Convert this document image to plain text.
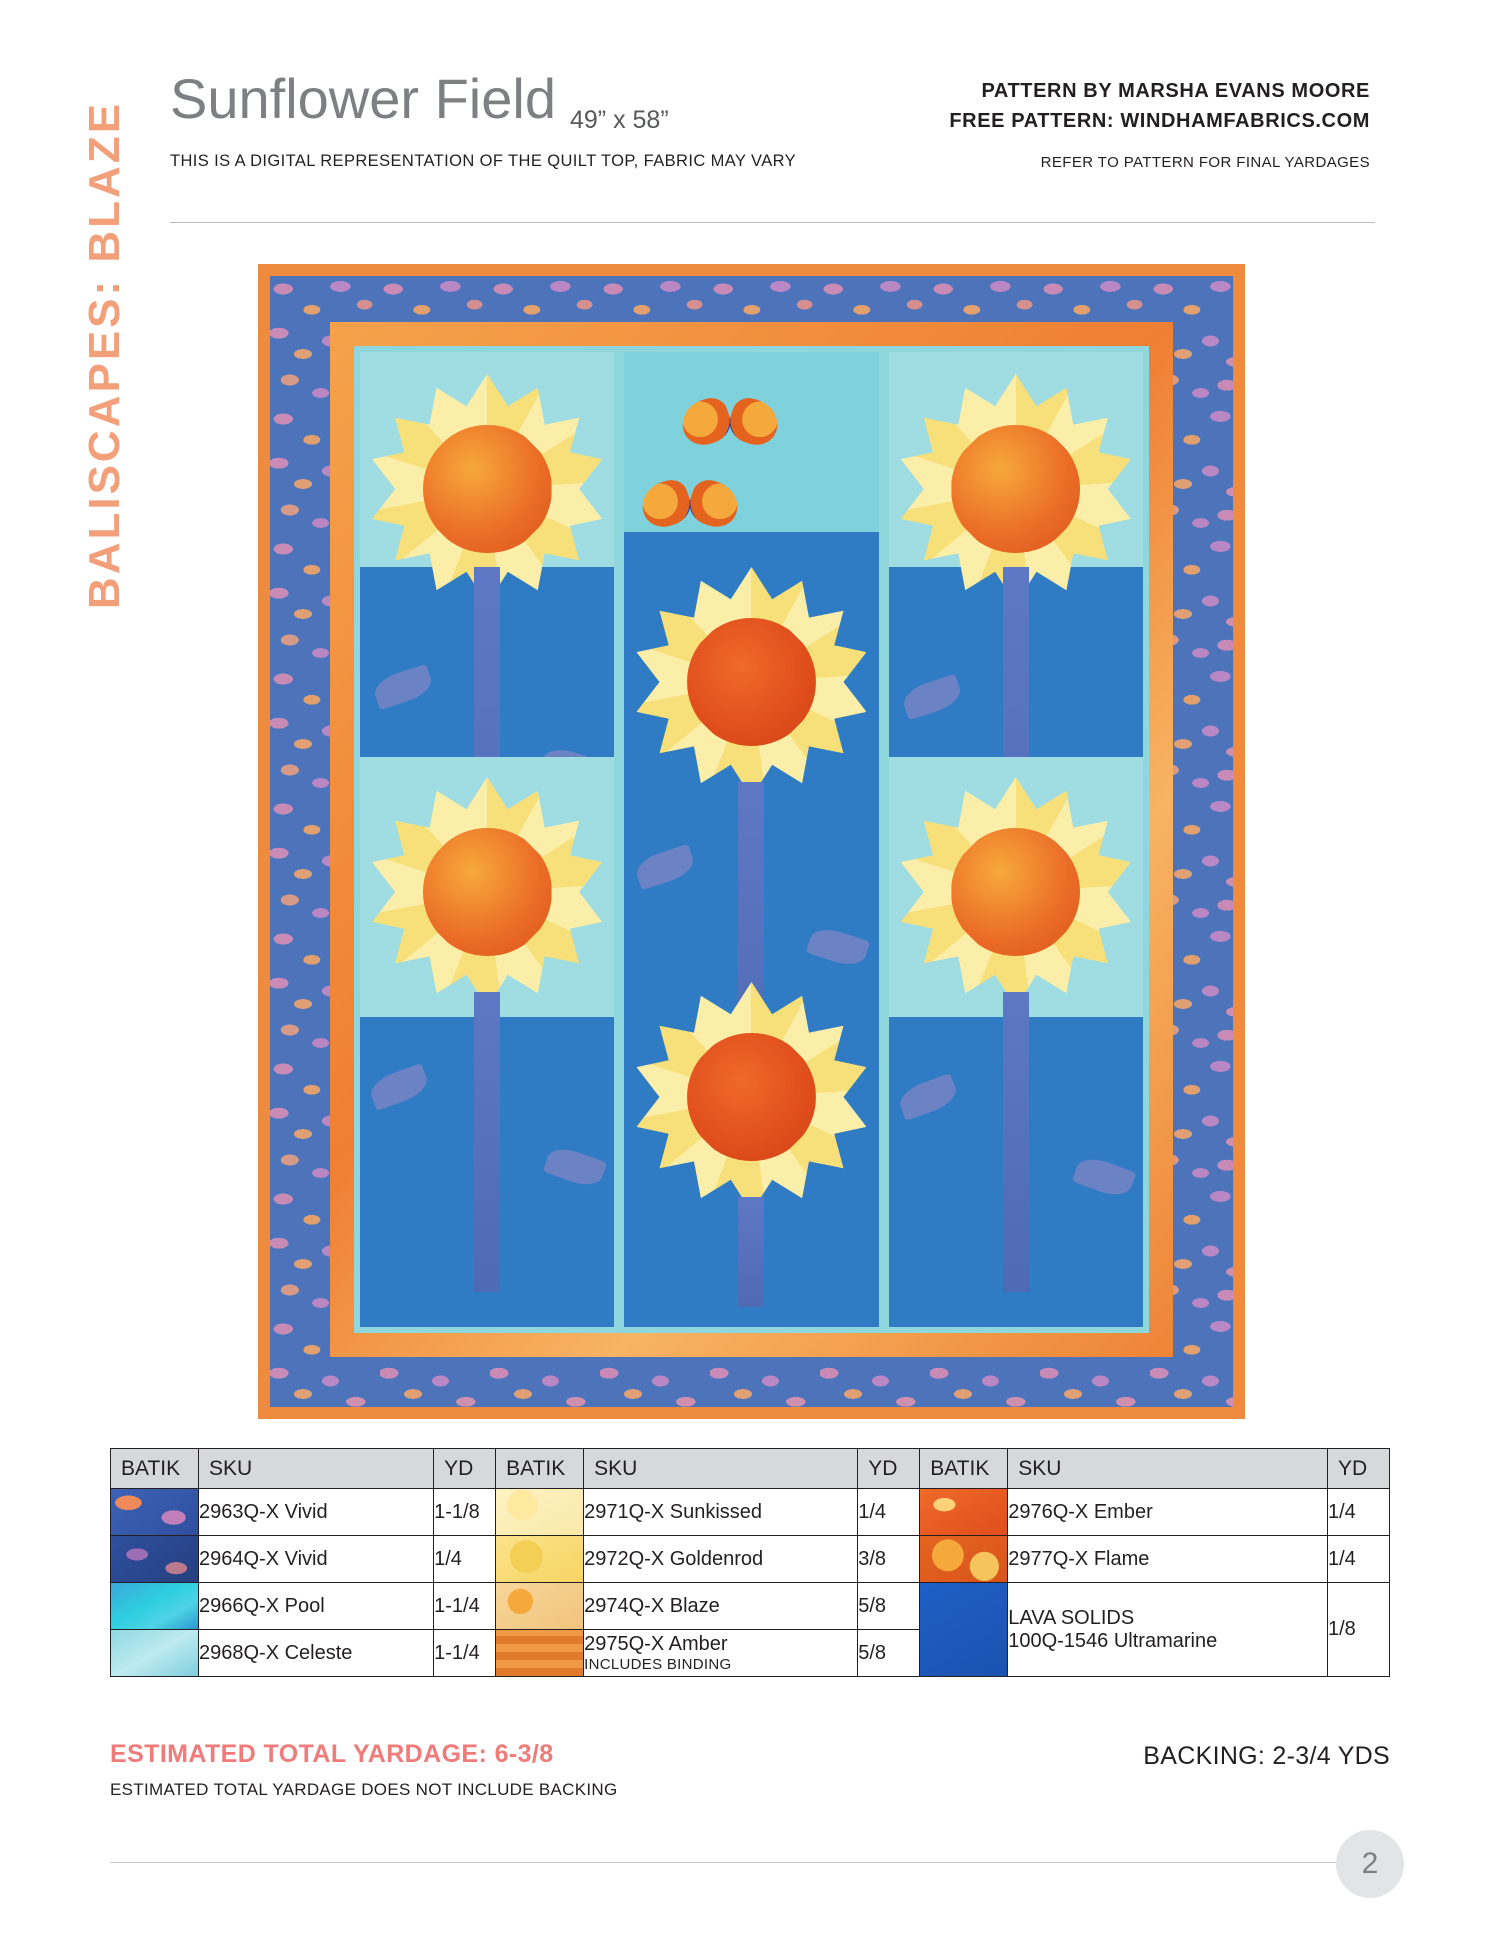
BALISCAPES: BLAZE
Sunflower Field 49” x 58”
PATTERN BY MARSHA EVANS MOORE
FREE PATTERN: WINDHAMFABRICS.COM
THIS IS A DIGITAL REPRESENTATION OF THE QUILT TOP, FABRIC MAY VARY	REFER TO PATTERN FOR FINAL YARDAGES
BATIK	SKU	YD	BATIK	SKU	YD	BATIK	SKU	YD

	2963Q-X Vivid	1-1/8		2971Q-X Sunkissed	1/4		2976Q-X Ember	1/4

	2964Q-X Vivid	1/4		2972Q-X Goldenrod	3/8		2977Q-X Flame	1/4

	2966Q-X Pool	1-1/4		2974Q-X Blaze	5/8		LAVA SOLIDS
100Q-1546 Ultramarine	1/8

	2968Q-X Celeste	1-1/4		2975Q-X Amber
INCLUDES BINDING	5/8			
ESTIMATED TOTAL YARDAGE: 6-3/8
ESTIMATED TOTAL YARDAGE DOES NOT INCLUDE BACKING
BACKING: 2-3/4 YDS
2
